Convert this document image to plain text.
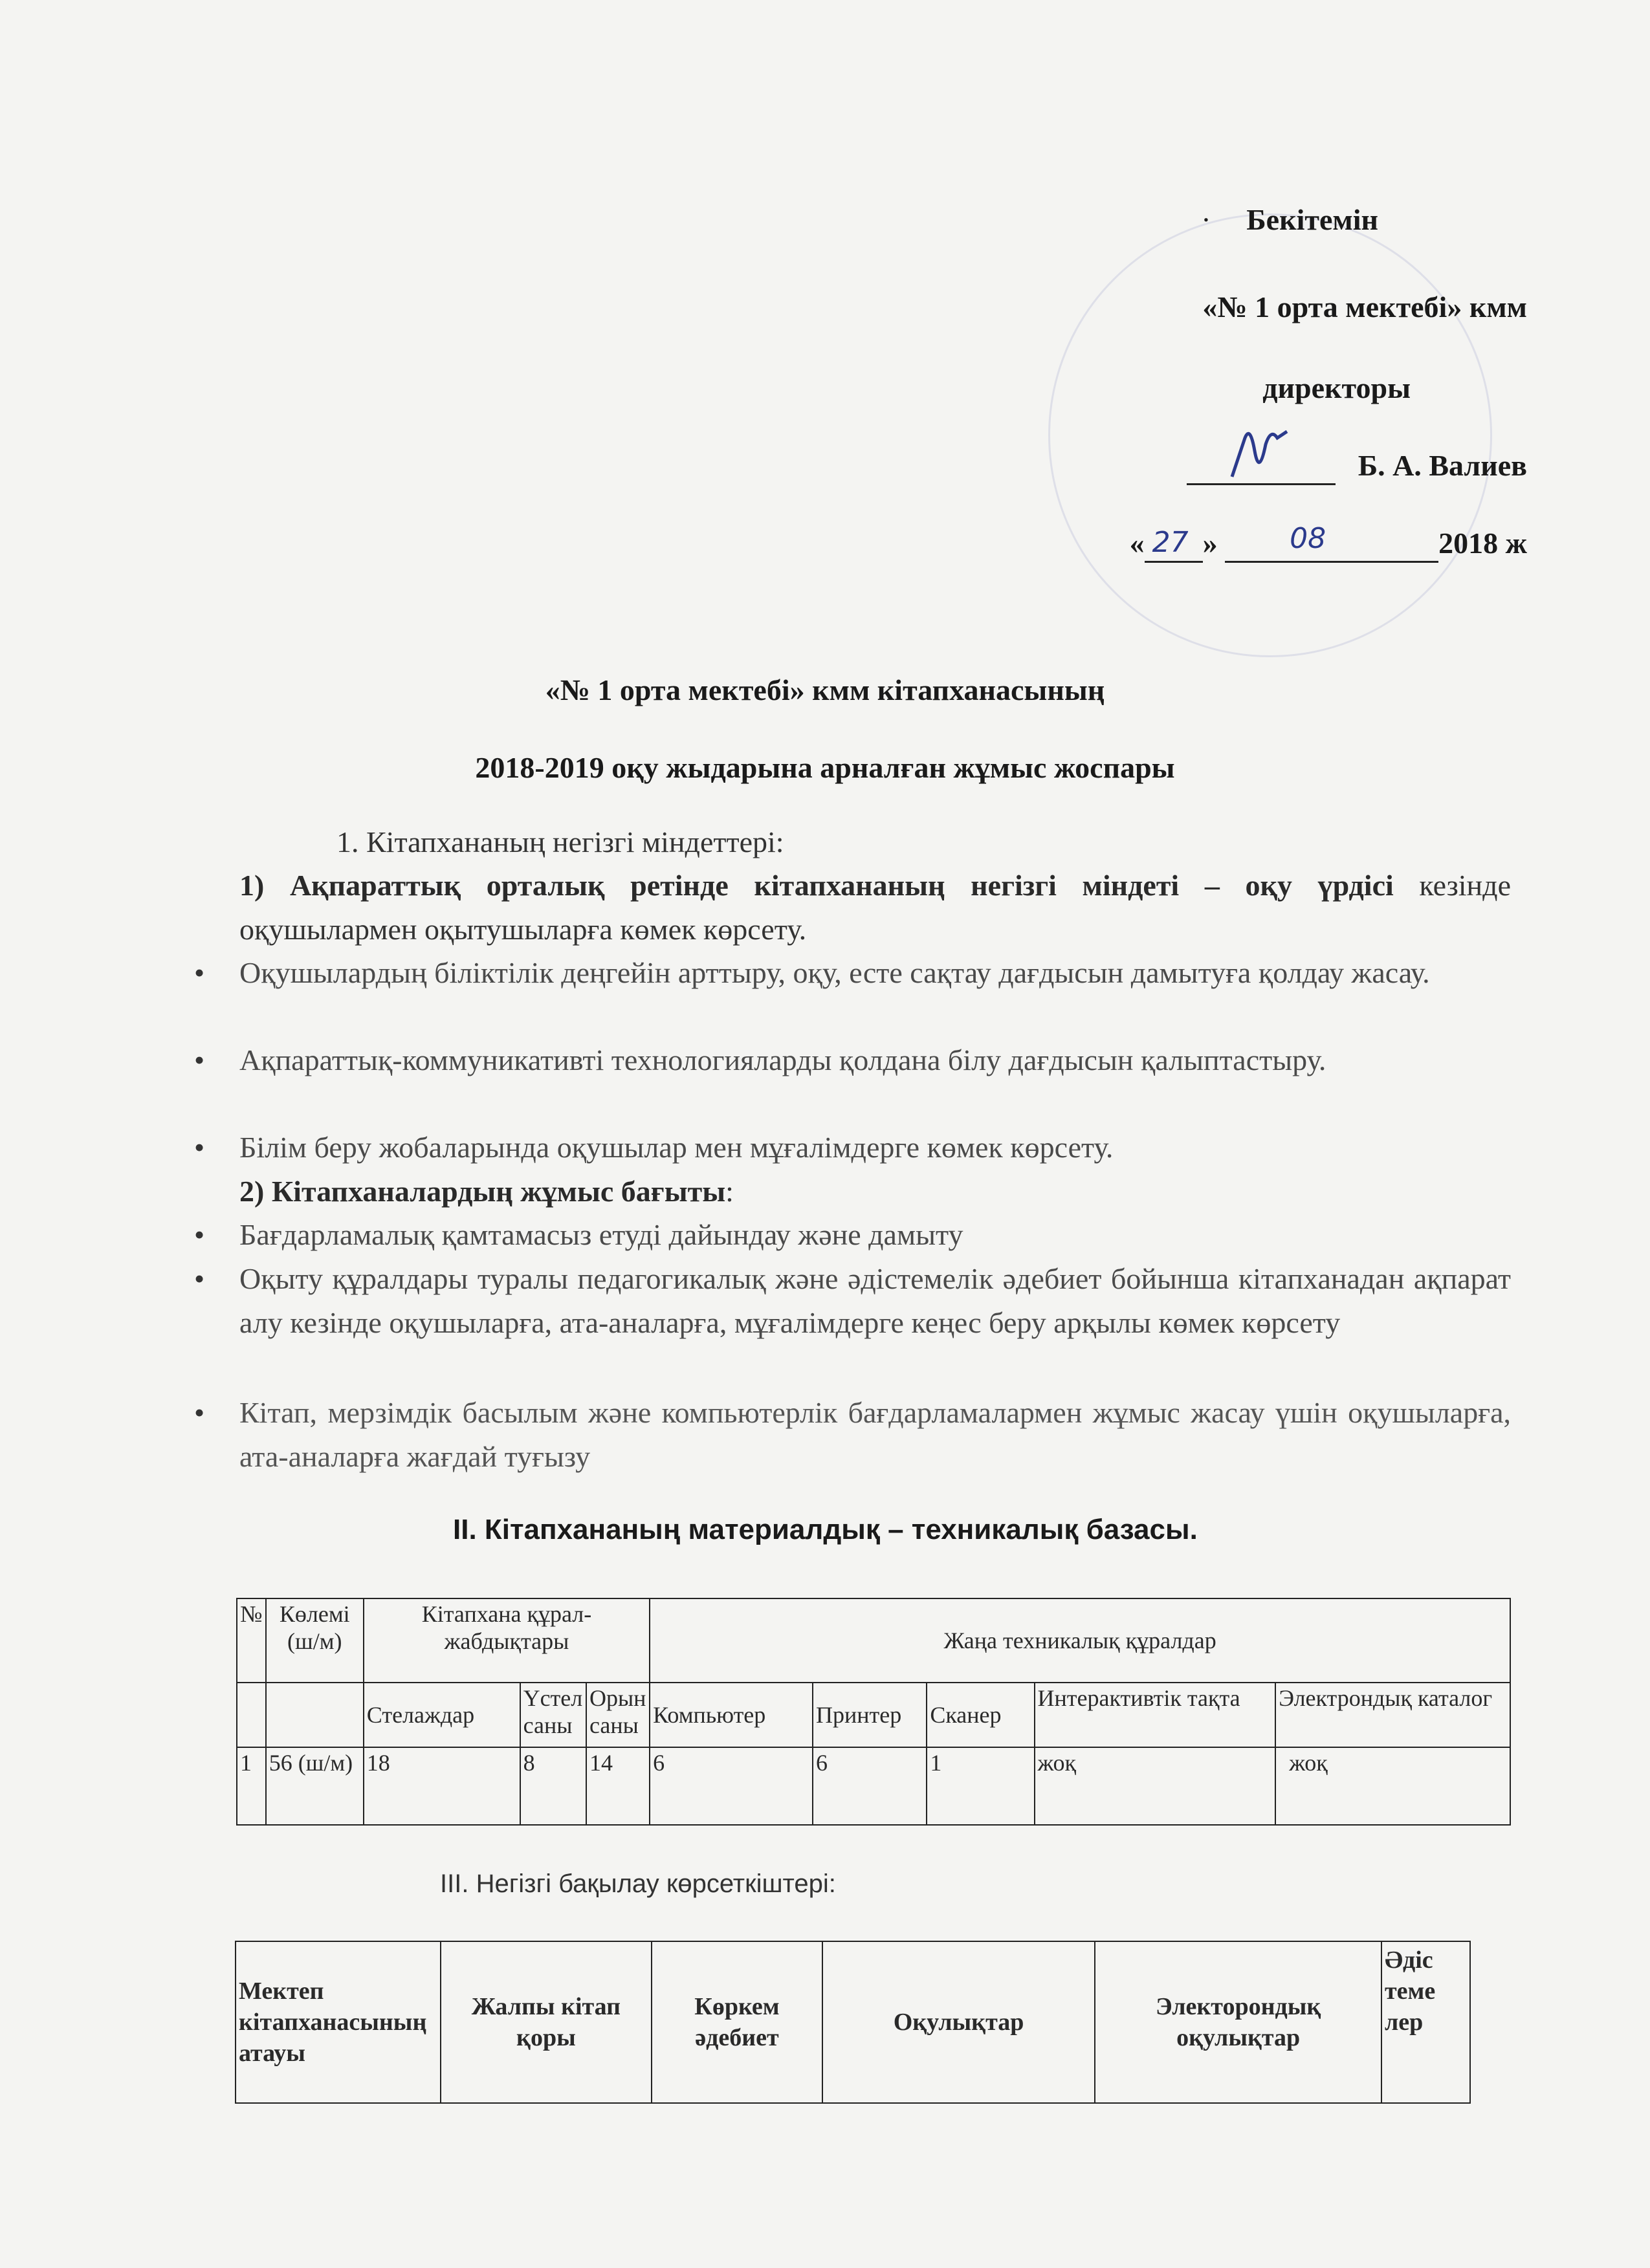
· Бекітемін
«№ 1 орта мектебі» кмм
директоры
Б. А. Валиев
« 27 » 08	2018 ж
«№ 1 орта мектебі» кмм кітапханасының
2018-2019 оқу жыдарына арналған жұмыс жоспары
1. Кітапхананың негізгі міндеттері:
1) Ақпараттық орталық ретінде кітапхананың негізгі міндеті – оқу үрдісі кезінде оқушылармен оқытушыларға көмек көрсету.
• Оқушылардың біліктілік деңгейін арттыру, оқу, есте сақтау дағдысын дамытуға қолдау жасау.
• Ақпараттық-коммуникативті технологияларды қолдана білу дағдысын қалыптастыру.
• Білім беру жобаларында оқушылар мен мұғалімдерге көмек көрсету.
2) Кітапханалардың жұмыс бағыты:
• Бағдарламалық қамтамасыз етуді дайындау және дамыту
• Оқыту құралдары туралы педагогикалық және әдістемелік әдебиет бойынша кітапханадан ақпарат алу кезінде оқушыларға, ата-аналарға, мұғалімдерге кеңес беру арқылы көмек көрсету
• Кітап, мерзімдік басылым және компьютерлік бағдарламалармен жұмыс жасау үшін оқушыларға, ата-аналарға жағдай туғызу
II. Кітапхананың материалдық – техникалық базасы.
№	Көлемі (ш/м)	Кітапхана құрал-жабдықтары			Жаңа техникалық құралдар				
		Стелаждар	Үстел саны	Орын саны	Компьютер	Принтер	Сканер	Интерактивтік тақта	Электрондық каталог
1	56 (ш/м)	18	8	14	6	6	1	жоқ	жоқ
III. Негізгі бақылау көрсеткіштері:
Мектеп кітапханасының атауы	Жалпы кітап қоры	Көркем әдебиет	Оқулықтар	Электорондық оқулықтар	Әдіс теме лер
